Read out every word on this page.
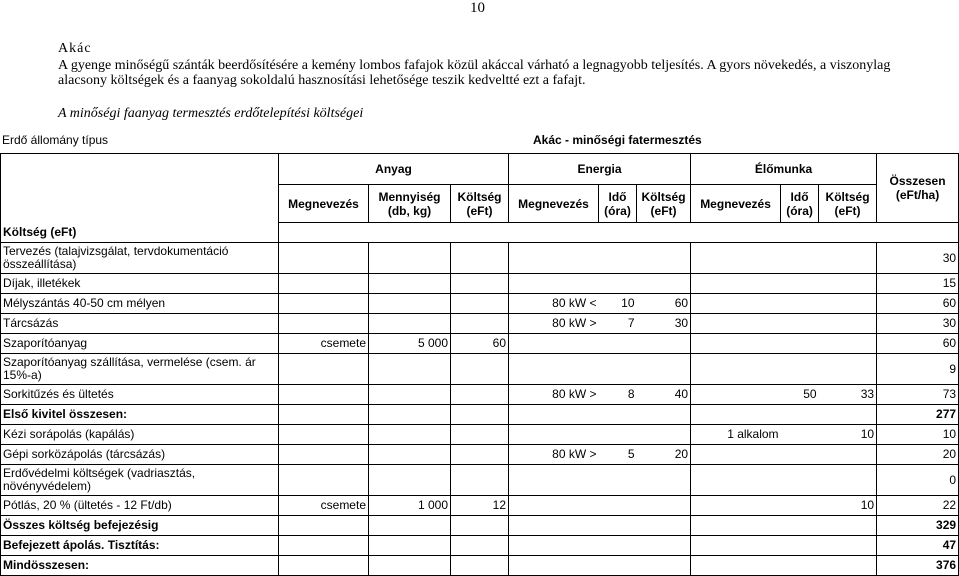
10
Akác
A gyenge minőségű szánták beerdősítésére a kemény lombos fafajok közül akáccal várható a legnagyobb teljesítés. A gyors növekedés, a viszonylag alacsony költségek és a faanyag sokoldalú hasznosítási lehetősége teszik kedveltté ezt a fafajt.
A minőségi faanyag termesztés erdőtelepítési költségei
Erdő állomány típus	Akác - minőségi fatermesztés
	Anyag			Energia			Élőmunka			Összesen (eFt/ha)
	Megnevezés	Mennyiség (db, kg)	Költség (eFt)	Megnevezés	Idő (óra)	Költség (eFt)	Megnevezés	Idő (óra)	Költség (eFt)	
Költség (eFt)										
Tervezés (talajvizsgálat, tervdokumentáció összeállítása)										30
Díjak, illetékek										15
Mélyszántás 40-50 cm mélyen				80 kW <	10	60				60
Tárcsázás				80 kW >	7	30				30
Szaporítóanyag	csemete	5 000	60							60
Szaporítóanyag szállítása, vermelése (csem. ár 15%-a)										9
Sorkitűzés és ültetés				80 kW >	8	40		50	33	73
Első kivitel összesen:										277
Kézi sorápolás (kapálás)							1 alkalom		10	10
Gépi sorközápolás (tárcsázás)				80 kW >	5	20				20
Erdővédelmi költségek (vadriasztás, növényvédelem)										0
Pótlás, 20 % (ültetés - 12 Ft/db)	csemete	1 000	12						10	22
Összes költség befejezésig										329
Befejezett ápolás. Tisztítás:										47
Mindösszesen:										376
